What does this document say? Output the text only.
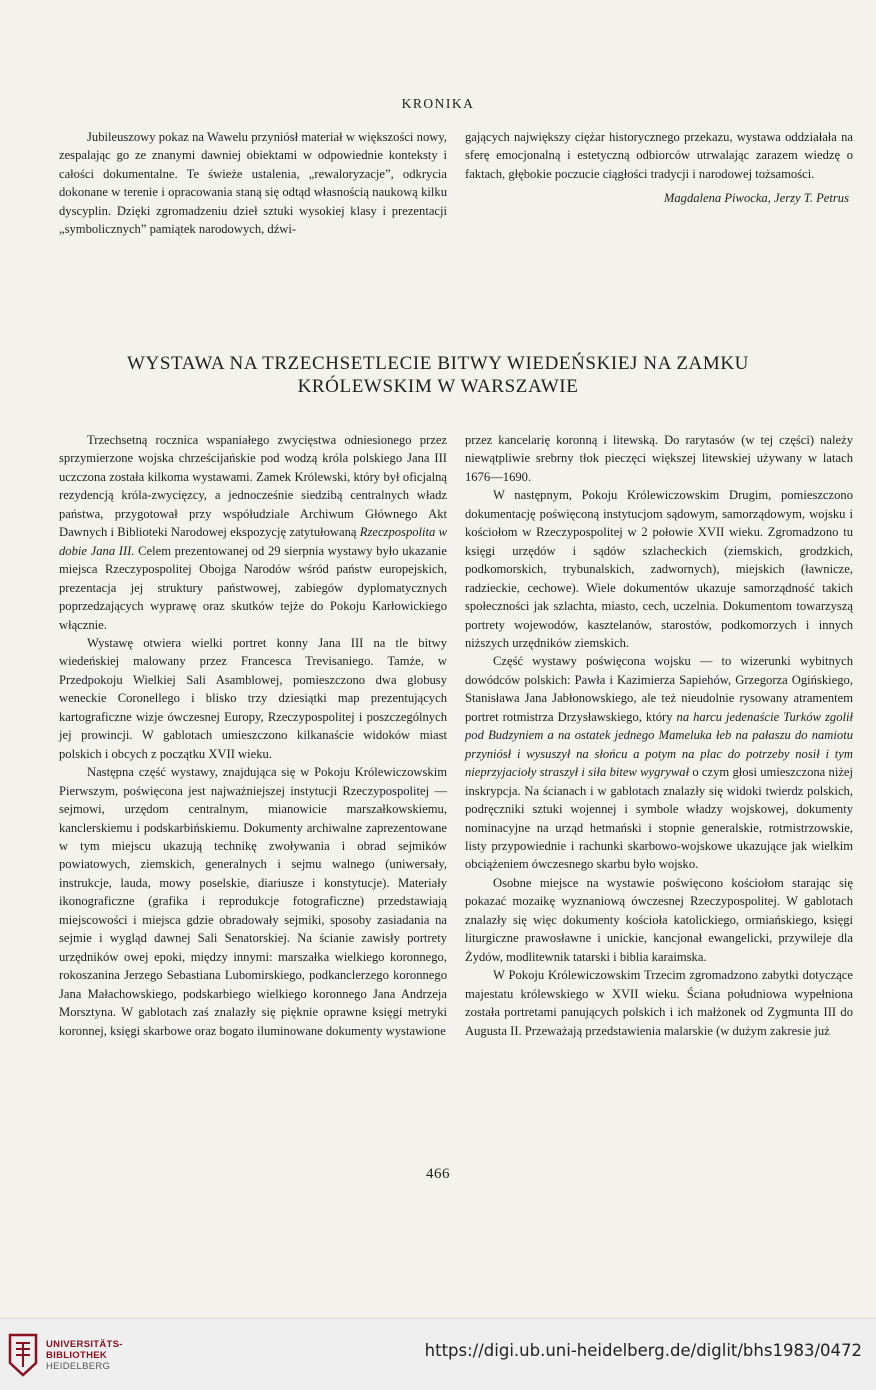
KRONIKA

Jubileuszowy pokaz na Wawelu przyniósł materiał w większości nowy, zespalając go ze znanymi dawniej obiektami w odpowiednie konteksty i całości dokumentalne. Te świeże ustalenia, „rewaloryzacje”, odkrycia dokonane w terenie i opracowania staną się odtąd własnością naukową kilku dyscyplin. Dzięki zgromadzeniu dzieł sztuki wysokiej klasy i prezentacji „symbolicznych” pamiątek narodowych, dźwi-

gających największy ciężar historycznego przekazu, wystawa oddziałała na sferę emocjonalną i estetyczną odbiorców utrwalając zarazem wiedzę o faktach, głębokie poczucie ciągłości tradycji i narodowej tożsamości.

Magdalena Piwocka, Jerzy T. Petrus
WYSTAWA NA TRZECHSETLECIE BITWY WIEDEŃSKIEJ NA ZAMKU
KRÓLEWSKIM W WARSZAWIE

Trzechsetną rocznica wspaniałego zwycięstwa odniesionego przez sprzymierzone wojska chrześcijańskie pod wodzą króla polskiego Jana III uczczona została kilkoma wystawami. Zamek Królewski, który był oficjalną rezydencją króla-zwycięzcy, a jednocześnie siedzibą centralnych władz państwa, przygotował przy współudziale Archiwum Głównego Akt Dawnych i Biblioteki Narodowej ekspozycję zatytułowaną Rzeczpospolita w dobie Jana III. Celem prezentowanej od 29 sierpnia wystawy było ukazanie miejsca Rzeczypospolitej Obojga Narodów wśród państw europejskich, prezentacja jej struktury państwowej, zabiegów dyplomatycznych poprzedzających wyprawę oraz skutków tejże do Pokoju Karłowickiego włącznie.

Wystawę otwiera wielki portret konny Jana III na tle bitwy wiedeńskiej malowany przez Francesca Trevisaniego. Tamże, w Przedpokoju Wielkiej Sali Asamblowej, pomieszczono dwa globusy weneckie Coronellego i blisko trzy dziesiątki map prezentujących kartograficzne wizje ówczesnej Europy, Rzeczypospolitej i poszczególnych jej prowincji. W gablotach umieszczono kilkanaście widoków miast polskich i obcych z początku XVII wieku.

Następna część wystawy, znajdująca się w Pokoju Królewiczowskim Pierwszym, poświęcona jest najważniejszej instytucji Rzeczypospolitej — sejmowi, urzędom centralnym, mianowicie marszałkowskiemu, kanclerskiemu i podskarbińskiemu. Dokumenty archiwalne zaprezentowane w tym miejscu ukazują technikę zwoływania i obrad sejmików powiatowych, ziemskich, generalnych i sejmu walnego (uniwersały, instrukcje, lauda, mowy poselskie, diariusze i konstytucje). Materiały ikonograficzne (grafika i reprodukcje fotograficzne) przedstawiają miejscowości i miejsca gdzie obradowały sejmiki, sposoby zasiadania na sejmie i wygląd dawnej Sali Senatorskiej. Na ścianie zawisły portrety urzędników owej epoki, między innymi: marszałka wielkiego koronnego, rokoszanina Jerzego Sebastiana Lubomirskiego, podkanclerzego koronnego Jana Małachowskiego, podskarbiego wielkiego koronnego Jana Andrzeja Morsztyna. W gablotach zaś znalazły się pięknie oprawne księgi metryki koronnej, księgi skarbowe oraz bogato iluminowane dokumenty wystawione

przez kancelarię koronną i litewską. Do rarytasów (w tej części) należy niewątpliwie srebrny tłok pieczęci większej litewskiej używany w latach 1676—1690.

W następnym, Pokoju Królewiczowskim Drugim, pomieszczono dokumentację poświęconą instytucjom sądowym, samorządowym, wojsku i kościołom w Rzeczypospolitej w 2 połowie XVII wieku. Zgromadzono tu księgi urzędów i sądów szlacheckich (ziemskich, grodzkich, podkomorskich, trybunalskich, zadwornych), miejskich (ławnicze, radzieckie, cechowe). Wiele dokumentów ukazuje samorządność takich społeczności jak szlachta, miasto, cech, uczelnia. Dokumentom towarzyszą portrety wojewodów, kasztelanów, starostów, podkomorzych i innych niższych urzędników ziemskich.

Część wystawy poświęcona wojsku — to wizerunki wybitnych dowódców polskich: Pawła i Kazimierza Sapiehów, Grzegorza Ogińskiego, Stanisława Jana Jabłonowskiego, ale też nieudolnie rysowany atramentem portret rotmistrza Drzysławskiego, który na harcu jedenaście Turków zgolił pod Budzyniem a na ostatek jednego Mameluka łeb na pałaszu do namiotu przyniósł i wysuszył na słońcu a potym na plac do potrzeby nosił i tym nieprzyjacioły straszył i siła bitew wygrywał o czym głosi umieszczona niżej inskrypcja. Na ścianach i w gablotach znalazły się widoki twierdz polskich, podręczniki sztuki wojennej i symbole władzy wojskowej, dokumenty nominacyjne na urząd hetmański i stopnie generalskie, rotmistrzowskie, listy przypowiednie i rachunki skarbowo-wojskowe ukazujące jak wielkim obciążeniem ówczesnego skarbu było wojsko.

Osobne miejsce na wystawie poświęcono kościołom starając się pokazać mozaikę wyznaniową ówczesnej Rzeczypospolitej. W gablotach znalazły się więc dokumenty kościoła katolickiego, ormiańskiego, księgi liturgiczne prawosławne i unickie, kancjonał ewangelicki, przywileje dla Żydów, modlitewnik tatarski i biblia karaimska.

W Pokoju Królewiczowskim Trzecim zgromadzono zabytki dotyczące majestatu królewskiego w XVII wieku. Ściana południowa wypełniona została portretami panujących polskich i ich małżonek od Zygmunta III do Augusta II. Przeważają przedstawienia malarskie (w dużym zakresie już

466
UNIVERSITÄTS-
BIBLIOTHEK
HEIDELBERG
https://digi.ub.uni-heidelberg.de/diglit/bhs1983/0472
